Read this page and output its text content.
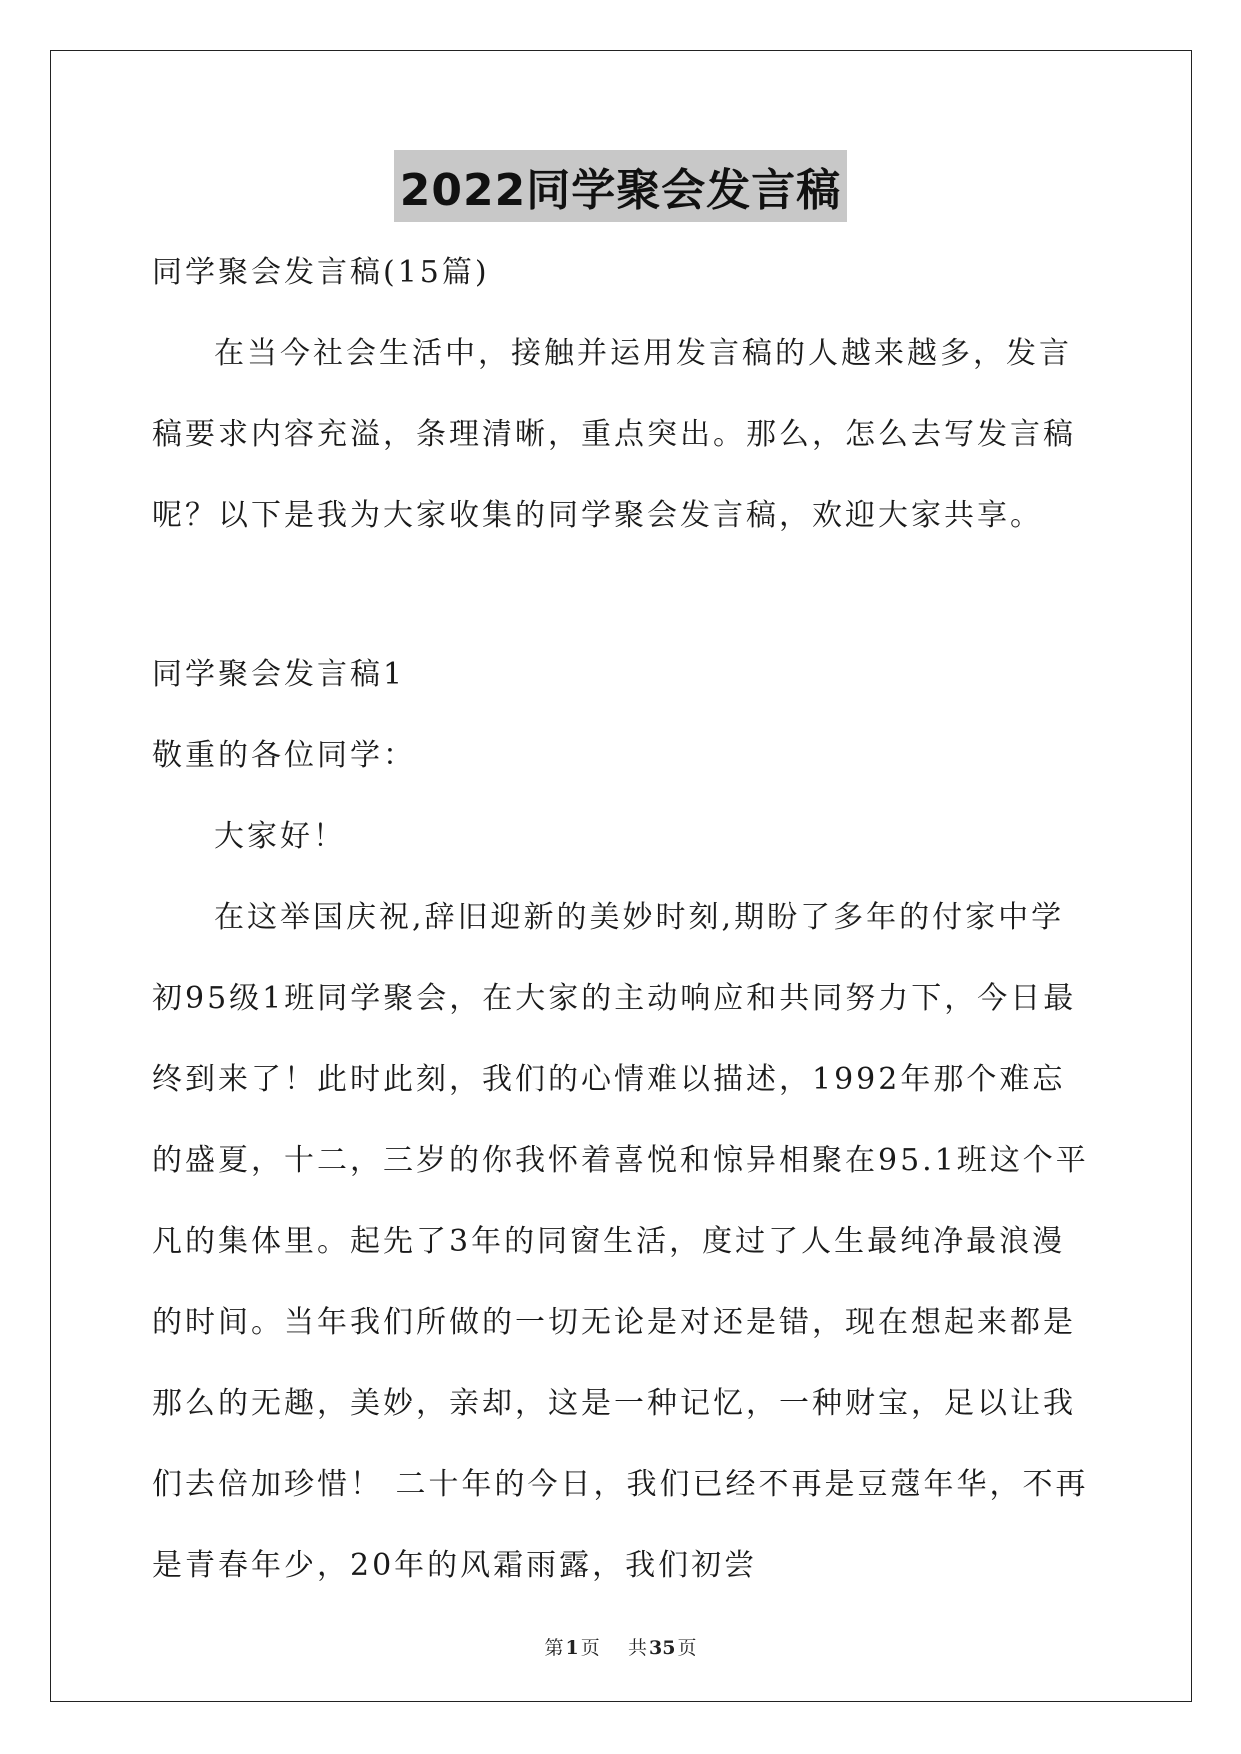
2022同学聚会发言稿

同学聚会发言稿(15篇)

在当今社会生活中，接触并运用发言稿的人越来越多，发言稿要求内容充溢，条理清晰，重点突出。那么，怎么去写发言稿呢？以下是我为大家收集的同学聚会发言稿，欢迎大家共享。

同学聚会发言稿1

敬重的各位同学：

大家好！

在这举国庆祝,辞旧迎新的美妙时刻,期盼了多年的付家中学初95级1班同学聚会，在大家的主动响应和共同努力下，今日最终到来了！此时此刻，我们的心情难以描述，1992年那个难忘的盛夏，十二，三岁的你我怀着喜悦和惊异相聚在95.1班这个平凡的集体里。起先了3年的同窗生活，度过了人生最纯净最浪漫的时间。当年我们所做的一切无论是对还是错，现在想起来都是那么的无趣，美妙，亲却，这是一种记忆，一种财宝，足以让我们去倍加珍惜！ 二十年的今日，我们已经不再是豆蔻年华，不再是青春年少，20年的风霜雨露，我们初尝

第 1 页 共 35 页
